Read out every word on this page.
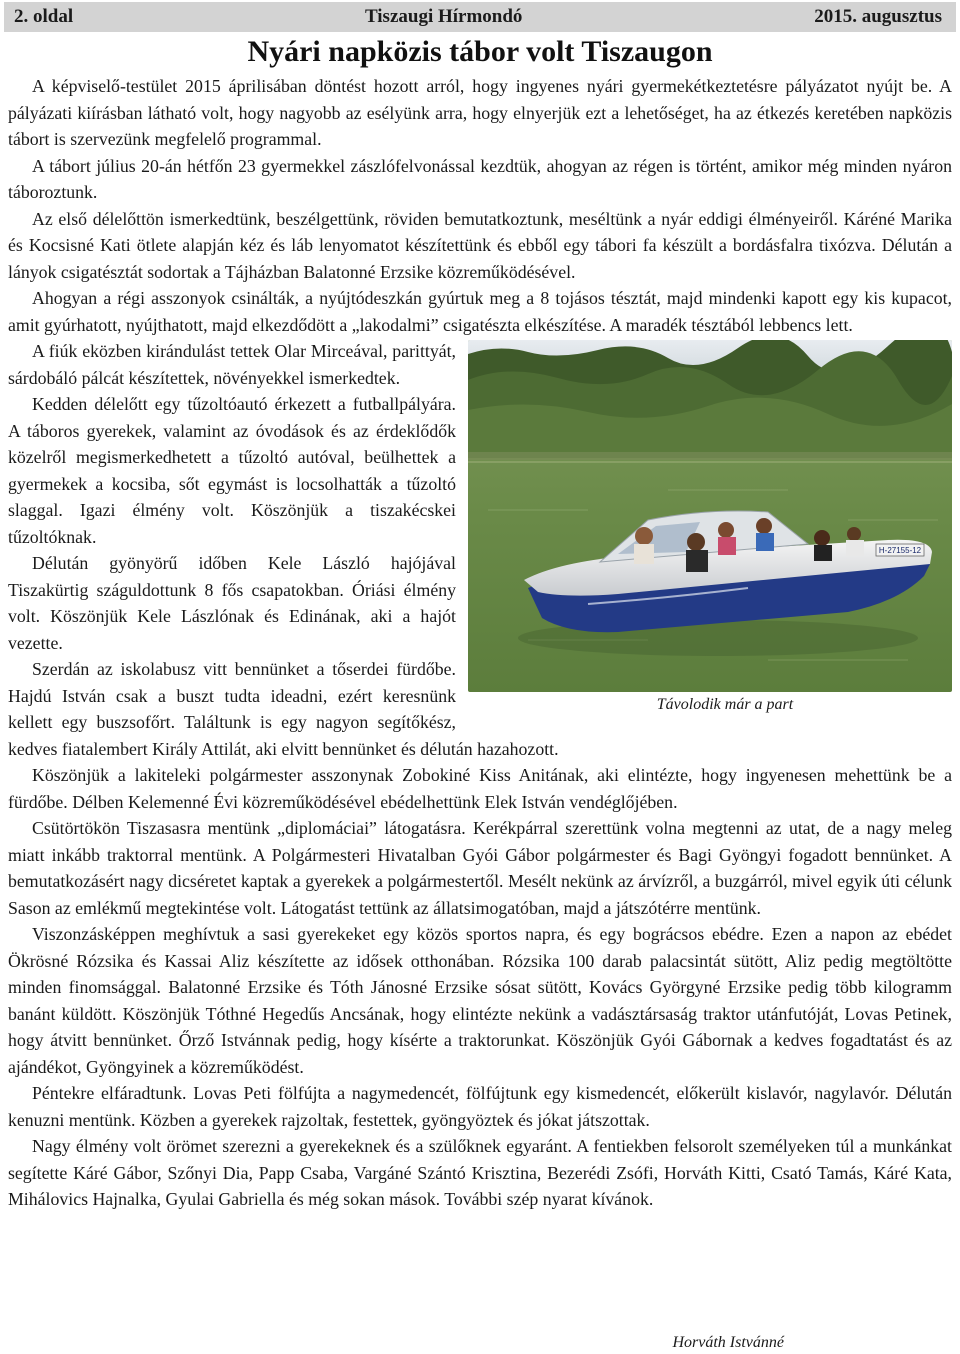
2. oldal	Tiszaugi Hírmondó	2015. augusztus
Nyári napközis tábor volt Tiszaugon

A képviselő-testület 2015 áprilisában döntést hozott arról, hogy ingyenes nyári gyermekétkeztetésre pályázatot nyújt be. A pályázati kiírásban látható volt, hogy nagyobb az esélyünk arra, hogy elnyerjük ezt a lehetőséget, ha az étkezés keretében napközis tábort is szervezünk megfelelő programmal.

A tábort július 20-án hétfőn 23 gyermekkel zászlófelvonással kezdtük, ahogyan az régen is történt, amikor még minden nyáron táboroztunk.

Az első délelőttön ismerkedtünk, beszélgettünk, röviden bemutatkoztunk, meséltünk a nyár eddigi élményeiről. Káréné Marika és Kocsisné Kati ötlete alapján kéz és láb lenyomatot készítettünk és ebből egy tábori fa készült a bordásfalra tixózva. Délután a lányok csigatésztát sodortak a Tájházban Balatonné Erzsike közreműködésével.

Ahogyan a régi asszonyok csinálták, a nyújtódeszkán gyúrtuk meg a 8 tojásos tésztát, majd mindenki kapott egy kis kupacot, amit gyúrhatott, nyújthatott, majd elkezdődött a „lakodalmi” csigatészta elkészítése. A maradék tésztából lebbencs lett.

H-27155-12
Távolodik már a part

A fiúk eközben kirándulást tettek Olar Mirceával, parittyát, sárdobáló pálcát készítettek, növényekkel ismerkedtek.

Kedden délelőtt egy tűzoltóautó érkezett a futballpályára. A táboros gyerekek, valamint az óvodások és az érdeklődők közelről megismerkedhetett a tűzoltó autóval, beülhettek a gyermekek a kocsiba, sőt egymást is locsolhatták a tűzoltó slaggal. Igazi élmény volt. Köszönjük a tiszakécskei tűzoltóknak.

Délután gyönyörű időben Kele László hajójával Tiszakürtig száguldottunk 8 fős csapatokban. Óriási élmény volt. Köszönjük Kele Lászlónak és Edinának, aki a hajót vezette.

Szerdán az iskolabusz vitt bennünket a tőserdei fürdőbe. Hajdú István csak a buszt tudta ideadni, ezért keresnünk kellett egy buszsofőrt. Találtunk is egy nagyon segítőkész, kedves fiatalembert Király Attilát, aki elvitt bennünket és délután hazahozott.

Köszönjük a lakiteleki polgármester asszonynak Zobokiné Kiss Anitának, aki elintézte, hogy ingyenesen mehettünk be a fürdőbe. Délben Kelemenné Évi közreműködésével ebédelhettünk Elek István vendéglőjében.

Csütörtökön Tiszasasra mentünk „diplomáciai” látogatásra. Kerékpárral szerettünk volna megtenni az utat, de a nagy meleg miatt inkább traktorral mentünk. A Polgármesteri Hivatalban Gyói Gábor polgármester és Bagi Gyöngyi fogadott bennünket. A bemutatkozásért nagy dicséretet kaptak a gyerekek a polgármestertől. Mesélt nekünk az árvízről, a buzgárról, mivel egyik úti célunk Sason az emlékmű megtekintése volt. Látogatást tettünk az állatsimogatóban, majd a játszótérre mentünk.

Viszonzásképpen meghívtuk a sasi gyerekeket egy közös sportos napra, és egy bográcsos ebédre. Ezen a napon az ebédet Ökrösné Rózsika és Kassai Aliz készítette az idősek otthonában. Rózsika 100 darab palacsintát sütött, Aliz pedig megtöltötte minden finomsággal. Balatonné Erzsike és Tóth Jánosné Erzsike sósat sütött, Kovács Györgyné Erzsike pedig több kilogramm banánt küldött. Köszönjük Tóthné Hegedűs Ancsának, hogy elintézte nekünk a vadásztársaság traktor utánfutóját, Lovas Petinek, hogy átvitt bennünket. Őrző Istvánnak pedig, hogy kísérte a traktorunkat. Köszönjük Gyói Gábornak a kedves fogadtatást és az ajándékot, Gyöngyinek a közreműködést.

Péntekre elfáradtunk. Lovas Peti fölfújta a nagymedencét, fölfújtunk egy kismedencét, előkerült kislavór, nagylavór. Délután kenuzni mentünk. Közben a gyerekek rajzoltak, festettek, gyöngyöztek és jókat játszottak.

Nagy élmény volt örömet szerezni a gyerekeknek és a szülőknek egyaránt. A fentiekben felsorolt személyeken túl a munkánkat segítette Káré Gábor, Szőnyi Dia, Papp Csaba, Vargáné Szántó Krisztina, Bezerédi Zsófi, Horváth Kitti, Csató Tamás, Káré Kata, Mihálovics Hajnalka, Gyulai Gabriella és még sokan mások. További szép nyarat kívánok.

Horváth Istvánné
